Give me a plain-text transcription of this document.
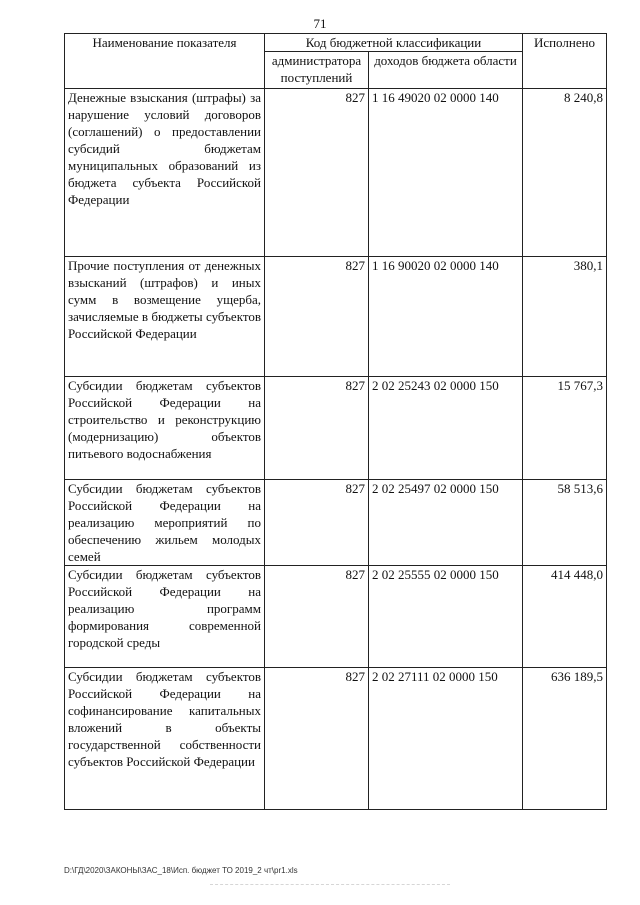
71
Наименование показателя	Код бюджетной классификации		Исполнено
	администратора поступлений	доходов бюджета области	
Денежные взыскания (штрафы) за нарушение условий договоров (соглашений) о предоставлении субсидий бюджетам муниципальных образований из бюджета субъекта Российской Федерации	827	1 16 49020 02 0000 140	8 240,8
Прочие поступления от денежных взысканий (штрафов) и иных сумм в возмещение ущерба, зачисляемые в бюджеты субъектов Российской Федерации	827	1 16 90020 02 0000 140	380,1
Субсидии бюджетам субъектов Российской Федерации на строительство и реконструкцию (модернизацию) объектов питьевого водоснабжения	827	2 02 25243 02 0000 150	15 767,3
Субсидии бюджетам субъектов Российской Федерации на реализацию мероприятий по обеспечению жильем молодых семей	827	2 02 25497 02 0000 150	58 513,6
Субсидии бюджетам субъектов Российской Федерации на реализацию программ формирования современной городской среды	827	2 02 25555 02 0000 150	414 448,0
Субсидии бюджетам субъектов Российской Федерации на софинансирование капитальных вложений в объекты государственной собственности субъектов Российской Федерации	827	2 02 27111 02 0000 150	636 189,5
D:\ГД\2020\ЗАКОНЫ\ЗАС_18\Исп. бюджет ТО 2019_2 чт\pr1.xls
